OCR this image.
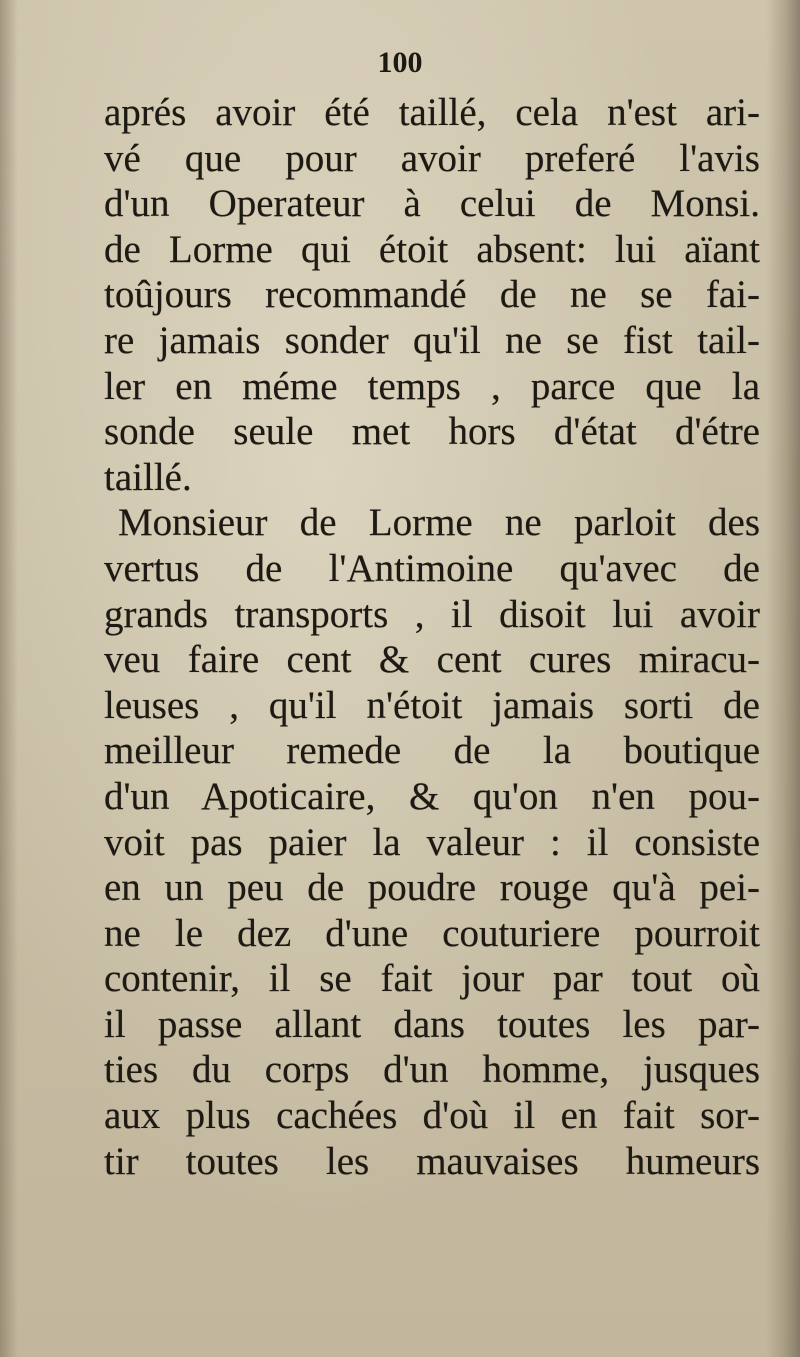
100
aprés avoir été taillé, cela n'est ari-
vé que pour avoir preferé l'avis
d'un Operateur à celui de Monsi.
de Lorme qui étoit absent: lui aïant
toûjours recommandé de ne se fai-
re jamais sonder qu'il ne se fist tail-
ler en méme temps , parce que la
sonde seule met hors d'état d'étre
taillé.
Monsieur de Lorme ne parloit des
vertus de l'Antimoine qu'avec de
grands transports , il disoit lui avoir
veu faire cent & cent cures miracu-
leuses , qu'il n'étoit jamais sorti de
meilleur remede de la boutique
d'un Apoticaire, & qu'on n'en pou-
voit pas paier la valeur : il consiste
en un peu de poudre rouge qu'à pei-
ne le dez d'une couturiere pourroit
contenir, il se fait jour par tout où
il passe allant dans toutes les par-
ties du corps d'un homme, jusques
aux plus cachées d'où il en fait sor-
tir toutes les mauvaises humeurs
